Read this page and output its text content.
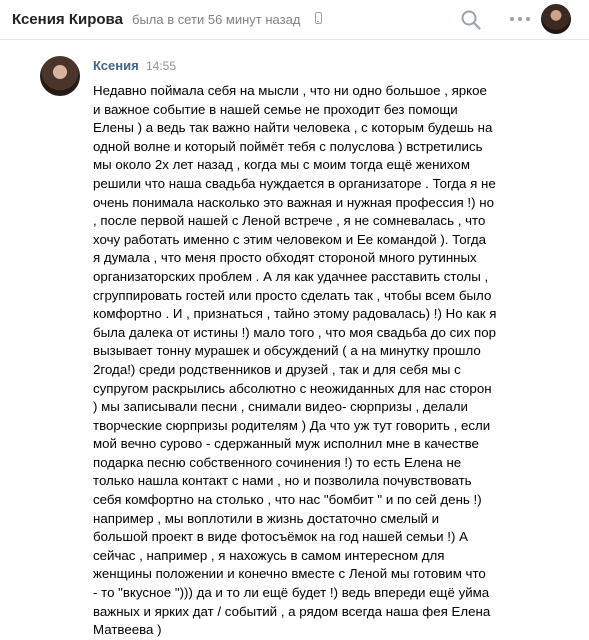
Ксения Кирова была в сети 56 минут назад
Ксения 14:55
Недавно поймала себя на мысли , что ни одно большое , яркое
и важное событие в нашей семье не проходит без помощи
Елены ) а ведь так важно найти человека , с которым будешь на
одной волне и который поймёт тебя с полуслова ) встретились
мы около 2х лет назад , когда мы с моим тогда ещё женихом
решили что наша свадьба нуждается в организаторе . Тогда я не
очень понимала насколько это важная и нужная профессия !) но
, после первой нашей с Леной встрече , я не сомневалась , что
хочу работать именно с этим человеком и Ее командой ). Тогда
я думала , что меня просто обходят стороной много рутинных
организаторских проблем . А ля как удачнее расставить столы ,
сгруппировать гостей или просто сделать так , чтобы всем было
комфортно . И , признаться , тайно этому радовалась) !) Но как я
была далека от истины !) мало того , что моя свадьба до сих пор
вызывает тонну мурашек и обсуждений ( а на минутку прошло
2года!) среди родственников и друзей , так и для себя мы с
супругом раскрылись абсолютно с неожиданных для нас сторон
) мы записывали песни , снимали видео- сюрпризы , делали
творческие сюрпризы родителям ) Да что уж тут говорить , если
мой вечно суровo - сдержанный муж исполнил мне в качестве
подарка песню собственного сочинения !) то есть Елена не
только нашла контакт с нами , но и позволила почувствовать
себя комфортно на столько , что нас "бомбит " и по сей день !)
например , мы воплотили в жизнь достаточно смелый и
большой проект в виде фотосъёмок на год нашей семьи !) А
сейчас , например , я нахожусь в самом интересном для
женщины положении и конечно вместе с Леной мы готовим что
- то "вкусное "))) да и то ли ещё будет !) ведь впереди ещё уйма
важных и ярких дат / событий , а рядом всегда наша фея Елена
Матвеева )
